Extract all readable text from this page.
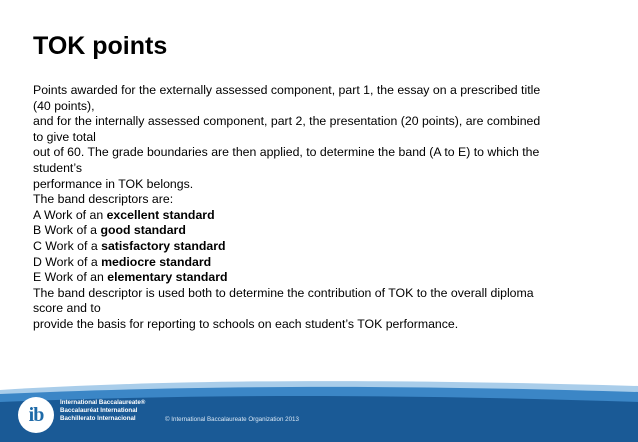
TOK points
Points awarded for the externally assessed component, part 1, the essay on a prescribed title
(40 points),
and for the internally assessed component, part 2, the presentation (20 points), are combined
to give total
out of 60. The grade boundaries are then applied, to determine the band (A to E) to which the
student’s
performance in TOK belongs.
The band descriptors are:
A Work of an excellent standard
B Work of a good standard
C Work of a satisfactory standard
D Work of a mediocre standard
E Work of an elementary standard
The band descriptor is used both to determine the contribution of TOK to the overall diploma
score and to
provide the basis for reporting to schools on each student’s TOK performance.
ib
International Baccalaureate®
Baccalauréat International
Bachillerato Internacional	© International Baccalaureate Organization 2013
